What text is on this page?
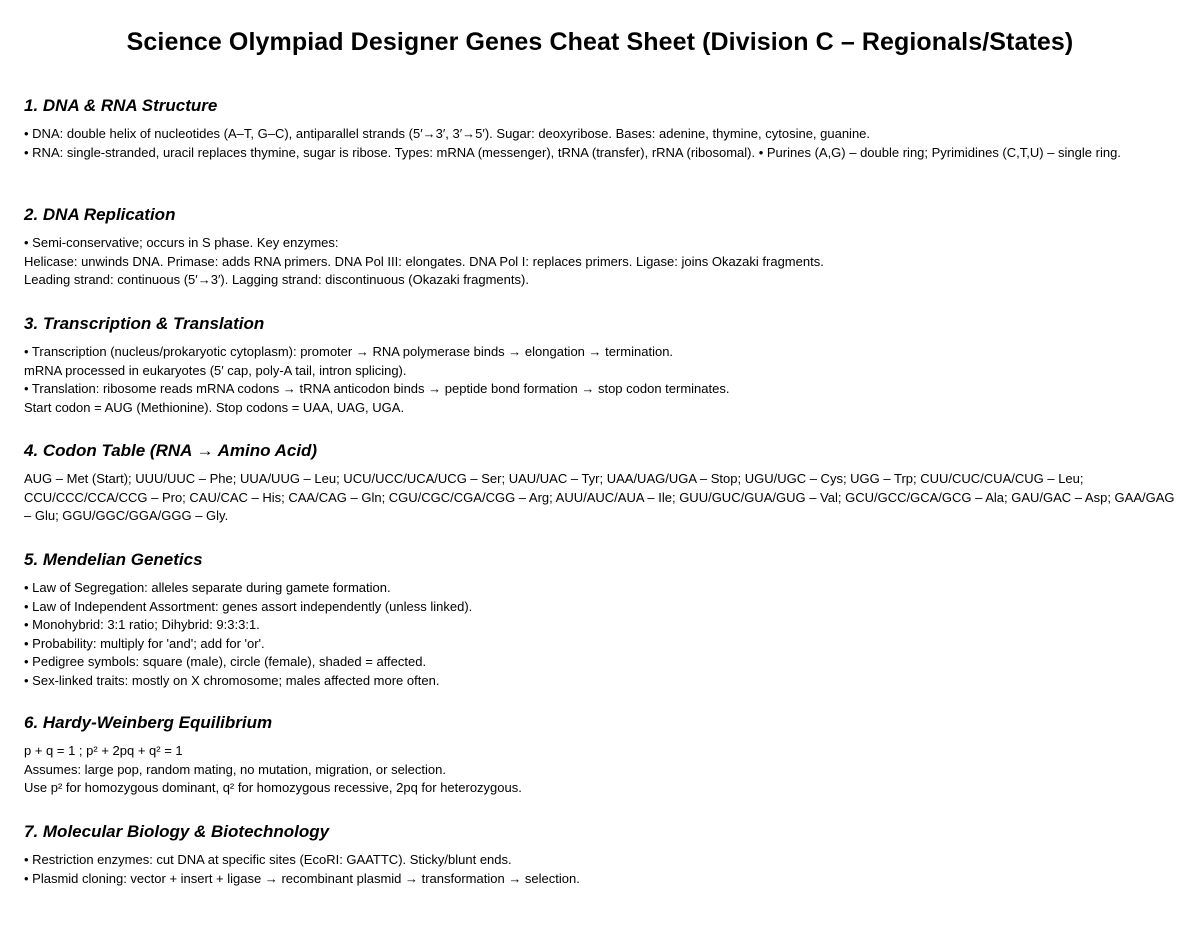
Science Olympiad Designer Genes Cheat Sheet (Division C – Regionals/States)
1. DNA & RNA Structure
• DNA: double helix of nucleotides (A–T, G–C), antiparallel strands (5′→3′, 3′→5′). Sugar: deoxyribose. Bases: adenine, thymine, cytosine, guanine.
• RNA: single-stranded, uracil replaces thymine, sugar is ribose. Types: mRNA (messenger), tRNA (transfer), rRNA (ribosomal). • Purines (A,G) – double ring; Pyrimidines (C,T,U) – single ring.
2. DNA Replication
• Semi-conservative; occurs in S phase. Key enzymes:
Helicase: unwinds DNA. Primase: adds RNA primers. DNA Pol III: elongates. DNA Pol I: replaces primers. Ligase: joins Okazaki fragments.
Leading strand: continuous (5′→3′). Lagging strand: discontinuous (Okazaki fragments).
3. Transcription & Translation
• Transcription (nucleus/prokaryotic cytoplasm): promoter → RNA polymerase binds → elongation → termination.
mRNA processed in eukaryotes (5′ cap, poly-A tail, intron splicing).
• Translation: ribosome reads mRNA codons → tRNA anticodon binds → peptide bond formation → stop codon terminates.
Start codon = AUG (Methionine). Stop codons = UAA, UAG, UGA.
4. Codon Table (RNA → Amino Acid)
AUG – Met (Start); UUU/UUC – Phe; UUA/UUG – Leu; UCU/UCC/UCA/UCG – Ser; UAU/UAC – Tyr; UAA/UAG/UGA – Stop; UGU/UGC – Cys; UGG – Trp; CUU/CUC/CUA/CUG – Leu; CCU/CCC/CCA/CCG – Pro; CAU/CAC – His; CAA/CAG – Gln; CGU/CGC/CGA/CGG – Arg; AUU/AUC/AUA – Ile; GUU/GUC/GUA/GUG – Val; GCU/GCC/GCA/GCG – Ala; GAU/GAC – Asp; GAA/GAG – Glu; GGU/GGC/GGA/GGG – Gly.
5. Mendelian Genetics
• Law of Segregation: alleles separate during gamete formation.
• Law of Independent Assortment: genes assort independently (unless linked).
• Monohybrid: 3:1 ratio; Dihybrid: 9:3:3:1.
• Probability: multiply for 'and'; add for 'or'.
• Pedigree symbols: square (male), circle (female), shaded = affected.
• Sex-linked traits: mostly on X chromosome; males affected more often.
6. Hardy-Weinberg Equilibrium
p + q = 1 ; p² + 2pq + q² = 1
Assumes: large pop, random mating, no mutation, migration, or selection.
Use p² for homozygous dominant, q² for homozygous recessive, 2pq for heterozygous.
7. Molecular Biology & Biotechnology
• Restriction enzymes: cut DNA at specific sites (EcoRI: GAATTC). Sticky/blunt ends.
• Plasmid cloning: vector + insert + ligase → recombinant plasmid → transformation → selection.
